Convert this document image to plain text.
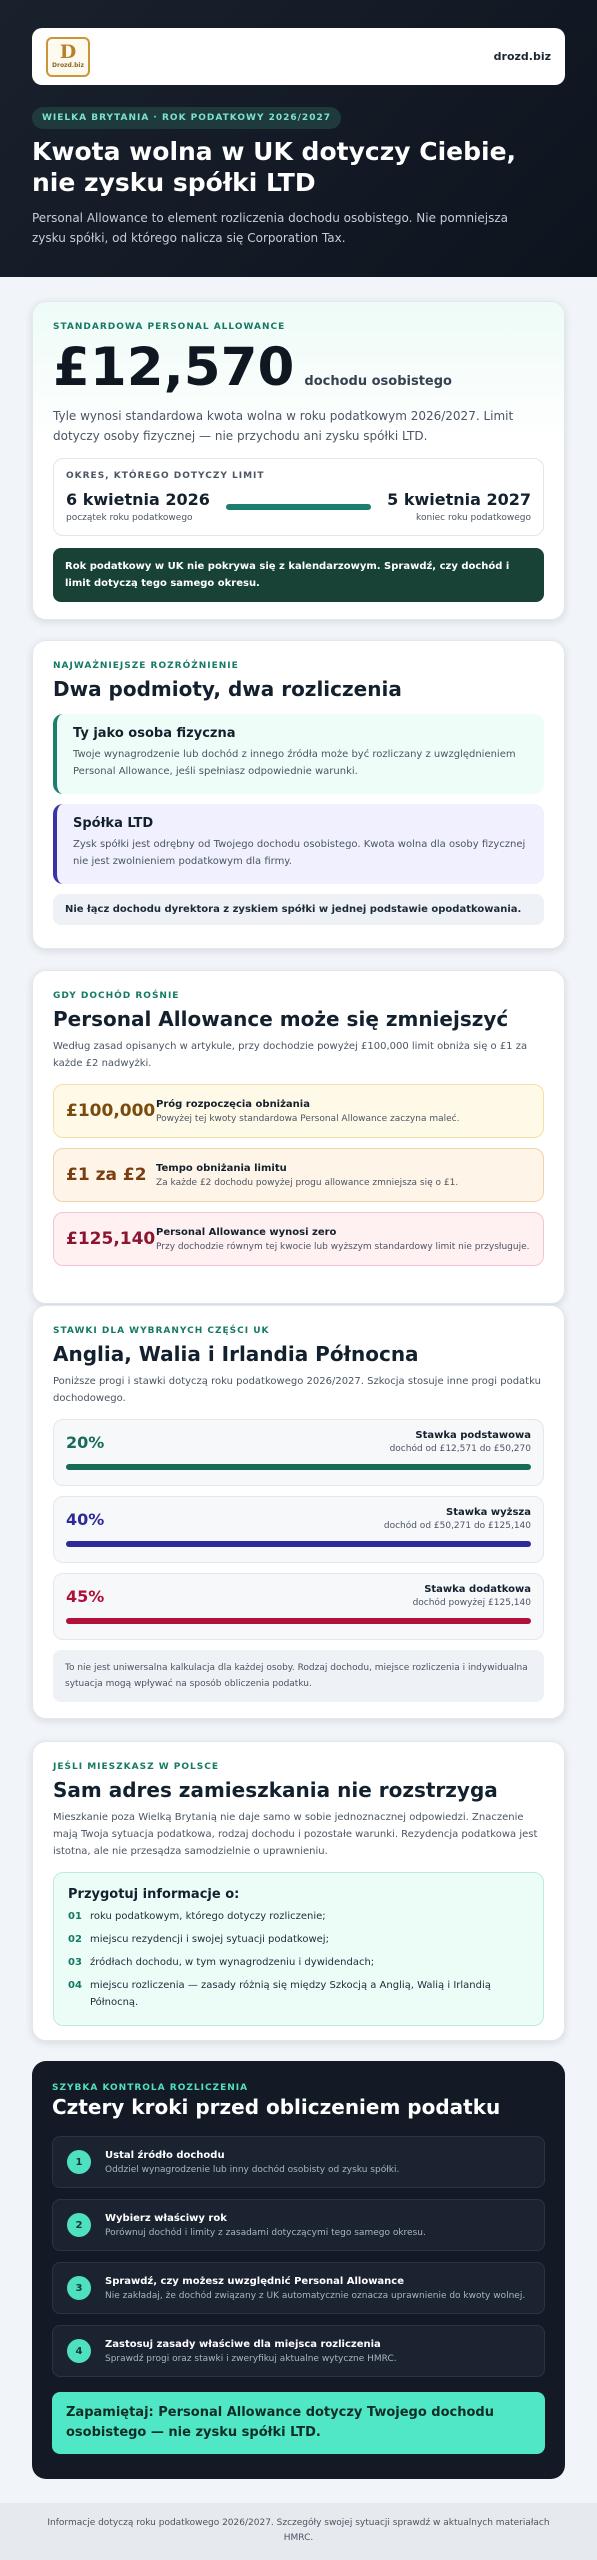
D
Drozd.biz
drozd.biz
WIELKA BRYTANIA · ROK PODATKOWY 2026/2027
Kwota wolna w UK dotyczy Ciebie, nie zysku spółki LTD

Personal Allowance to element rozliczenia dochodu osobistego. Nie pomniejsza zysku spółki, od którego nalicza się Corporation Tax.

STANDARDOWA PERSONAL ALLOWANCE
£12,570 dochodu osobistego
Tyle wynosi standardowa kwota wolna w roku podatkowym 2026/2027. Limit dotyczy osoby fizycznej — nie przychodu ani zysku spółki LTD.
OKRES, KTÓREGO DOTYCZY LIMIT
6 kwietnia 2026
początek roku podatkowego
5 kwietnia 2027
koniec roku podatkowego
Rok podatkowy w UK nie pokrywa się z kalendarzowym. Sprawdź, czy dochód i limit dotyczą tego samego okresu.
NAJWAŻNIEJSZE ROZRÓŻNIENIE
Dwa podmioty, dwa rozliczenia
Ty jako osoba fizyczna
Twoje wynagrodzenie lub dochód z innego źródła może być rozliczany z uwzględnieniem Personal Allowance, jeśli spełniasz odpowiednie warunki.
Spółka LTD
Zysk spółki jest odrębny od Twojego dochodu osobistego. Kwota wolna dla osoby fizycznej nie jest zwolnieniem podatkowym dla firmy.
Nie łącz dochodu dyrektora z zyskiem spółki w jednej podstawie opodatkowania.
GDY DOCHÓD ROŚNIE
Personal Allowance może się zmniejszyć
Według zasad opisanych w artykule, przy dochodzie powyżej £100,000 limit obniża się o £1 za każde £2 nadwyżki.
£100,000 Próg rozpoczęcia obniżania
Powyżej tej kwoty standardowa Personal Allowance zaczyna maleć.
£1 za £2 Tempo obniżania limitu
Za każde £2 dochodu powyżej progu allowance zmniejsza się o £1.
£125,140 Personal Allowance wynosi zero
Przy dochodzie równym tej kwocie lub wyższym standardowy limit nie przysługuje.
STAWKI DLA WYBRANYCH CZĘŚCI UK
Anglia, Walia i Irlandia Północna
Poniższe progi i stawki dotyczą roku podatkowego 2026/2027. Szkocja stosuje inne progi podatku dochodowego.
20%	Stawka podstawowa
dochód od £12,571 do £50,270
40%	Stawka wyższa
dochód od £50,271 do £125,140
45%	Stawka dodatkowa
dochód powyżej £125,140
To nie jest uniwersalna kalkulacja dla każdej osoby. Rodzaj dochodu, miejsce rozliczenia i indywidualna sytuacja mogą wpływać na sposób obliczenia podatku.
JEŚLI MIESZKASZ W POLSCE
Sam adres zamieszkania nie rozstrzyga
Mieszkanie poza Wielką Brytanią nie daje samo w sobie jednoznacznej odpowiedzi. Znaczenie mają Twoja sytuacja podatkowa, rodzaj dochodu i pozostałe warunki. Rezydencja podatkowa jest istotna, ale nie przesądza samodzielnie o uprawnieniu.
Przygotuj informacje o:
01 roku podatkowym, którego dotyczy rozliczenie;
02 miejscu rezydencji i swojej sytuacji podatkowej;
03 źródłach dochodu, w tym wynagrodzeniu i dywidendach;
04 miejscu rozliczenia — zasady różnią się między Szkocją a Anglią, Walią i Irlandią Północną.
SZYBKA KONTROLA ROZLICZENIA
Cztery kroki przed obliczeniem podatku
1
Ustal źródło dochodu
Oddziel wynagrodzenie lub inny dochód osobisty od zysku spółki.
2
Wybierz właściwy rok
Porównuj dochód i limity z zasadami dotyczącymi tego samego okresu.
3
Sprawdź, czy możesz uwzględnić Personal Allowance
Nie zakładaj, że dochód związany z UK automatycznie oznacza uprawnienie do kwoty wolnej.
4
Zastosuj zasady właściwe dla miejsca rozliczenia
Sprawdź progi oraz stawki i zweryfikuj aktualne wytyczne HMRC.
Zapamiętaj: Personal Allowance dotyczy Twojego dochodu osobistego — nie zysku spółki LTD.
Informacje dotyczą roku podatkowego 2026/2027. Szczegóły swojej sytuacji sprawdź w aktualnych materiałach
HMRC.
